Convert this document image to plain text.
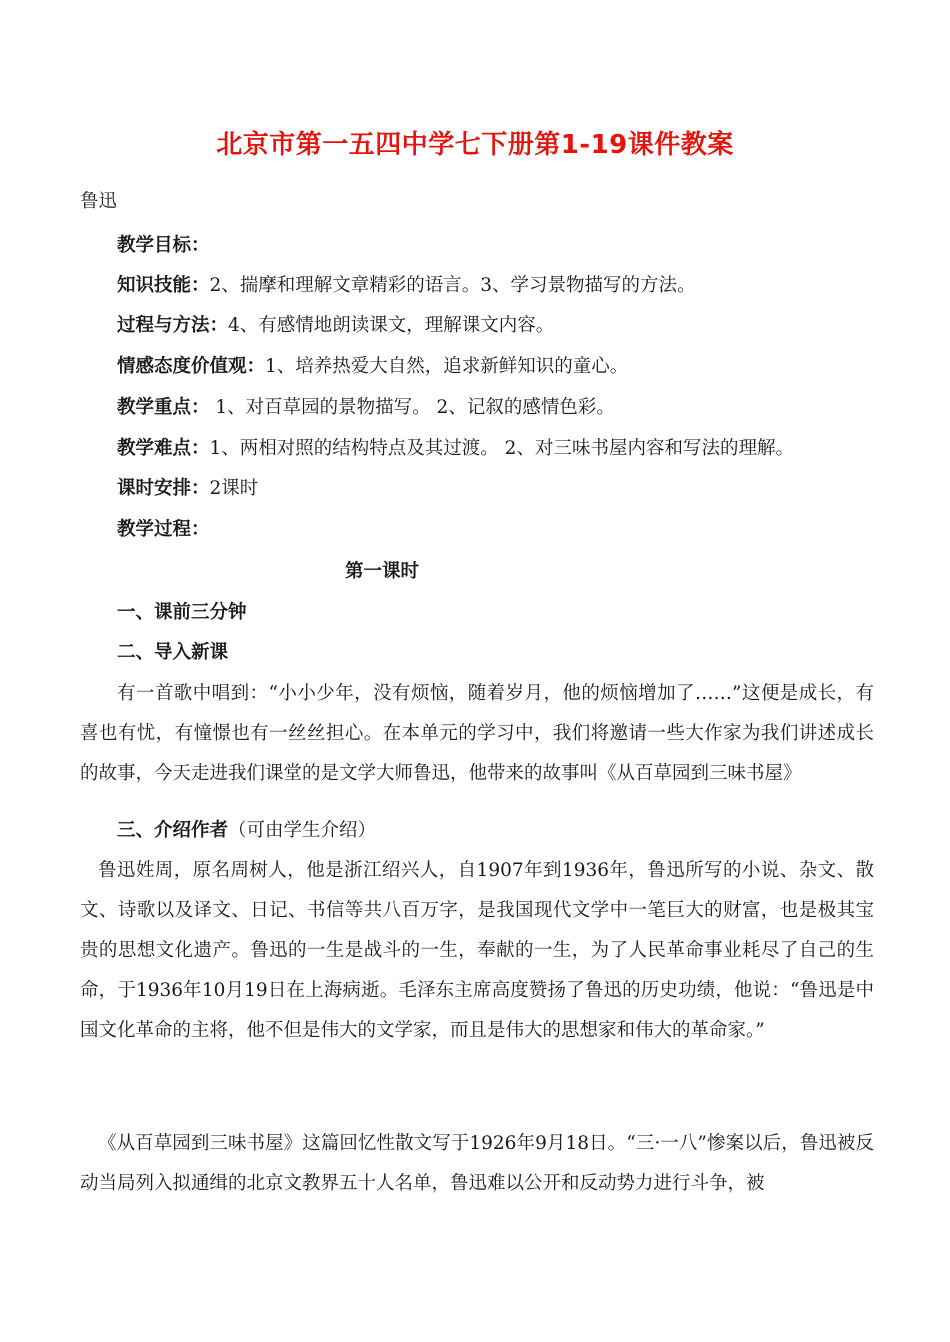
北京市第一五四中学七下册第1-19课件教案
鲁迅
教学目标：
知识技能：2、揣摩和理解文章精彩的语言。3、学习景物描写的方法。
过程与方法：4、有感情地朗读课文，理解课文内容。
情感态度价值观：1、培养热爱大自然，追求新鲜知识的童心。
教学重点： 1、对百草园的景物描写。 2、记叙的感情色彩。
教学难点：1、两相对照的结构特点及其过渡。 2、对三味书屋内容和写法的理解。
课时安排：2课时
教学过程：
第一课时
一、课前三分钟
二、导入新课
有一首歌中唱到：“小小少年，没有烦恼，随着岁月，他的烦恼增加了……”这便是成长，有喜也有忧，有憧憬也有一丝丝担心。在本单元的学习中，我们将邀请一些大作家为我们讲述成长的故事，今天走进我们课堂的是文学大师鲁迅，他带来的故事叫《从百草园到三味书屋》
三、介绍作者（可由学生介绍）
鲁迅姓周，原名周树人，他是浙江绍兴人，自1907年到1936年，鲁迅所写的小说、杂文、散文、诗歌以及译文、日记、书信等共八百万字，是我国现代文学中一笔巨大的财富，也是极其宝贵的思想文化遗产。鲁迅的一生是战斗的一生，奉献的一生，为了人民革命事业耗尽了自己的生命，于1936年10月19日在上海病逝。毛泽东主席高度赞扬了鲁迅的历史功绩，他说：“鲁迅是中国文化革命的主将，他不但是伟大的文学家，而且是伟大的思想家和伟大的革命家。”
《从百草园到三味书屋》这篇回忆性散文写于1926年9月18日。“三·一八”惨案以后，鲁迅被反动当局列入拟通缉的北京文教界五十人名单，鲁迅难以公开和反动势力进行斗争，被
